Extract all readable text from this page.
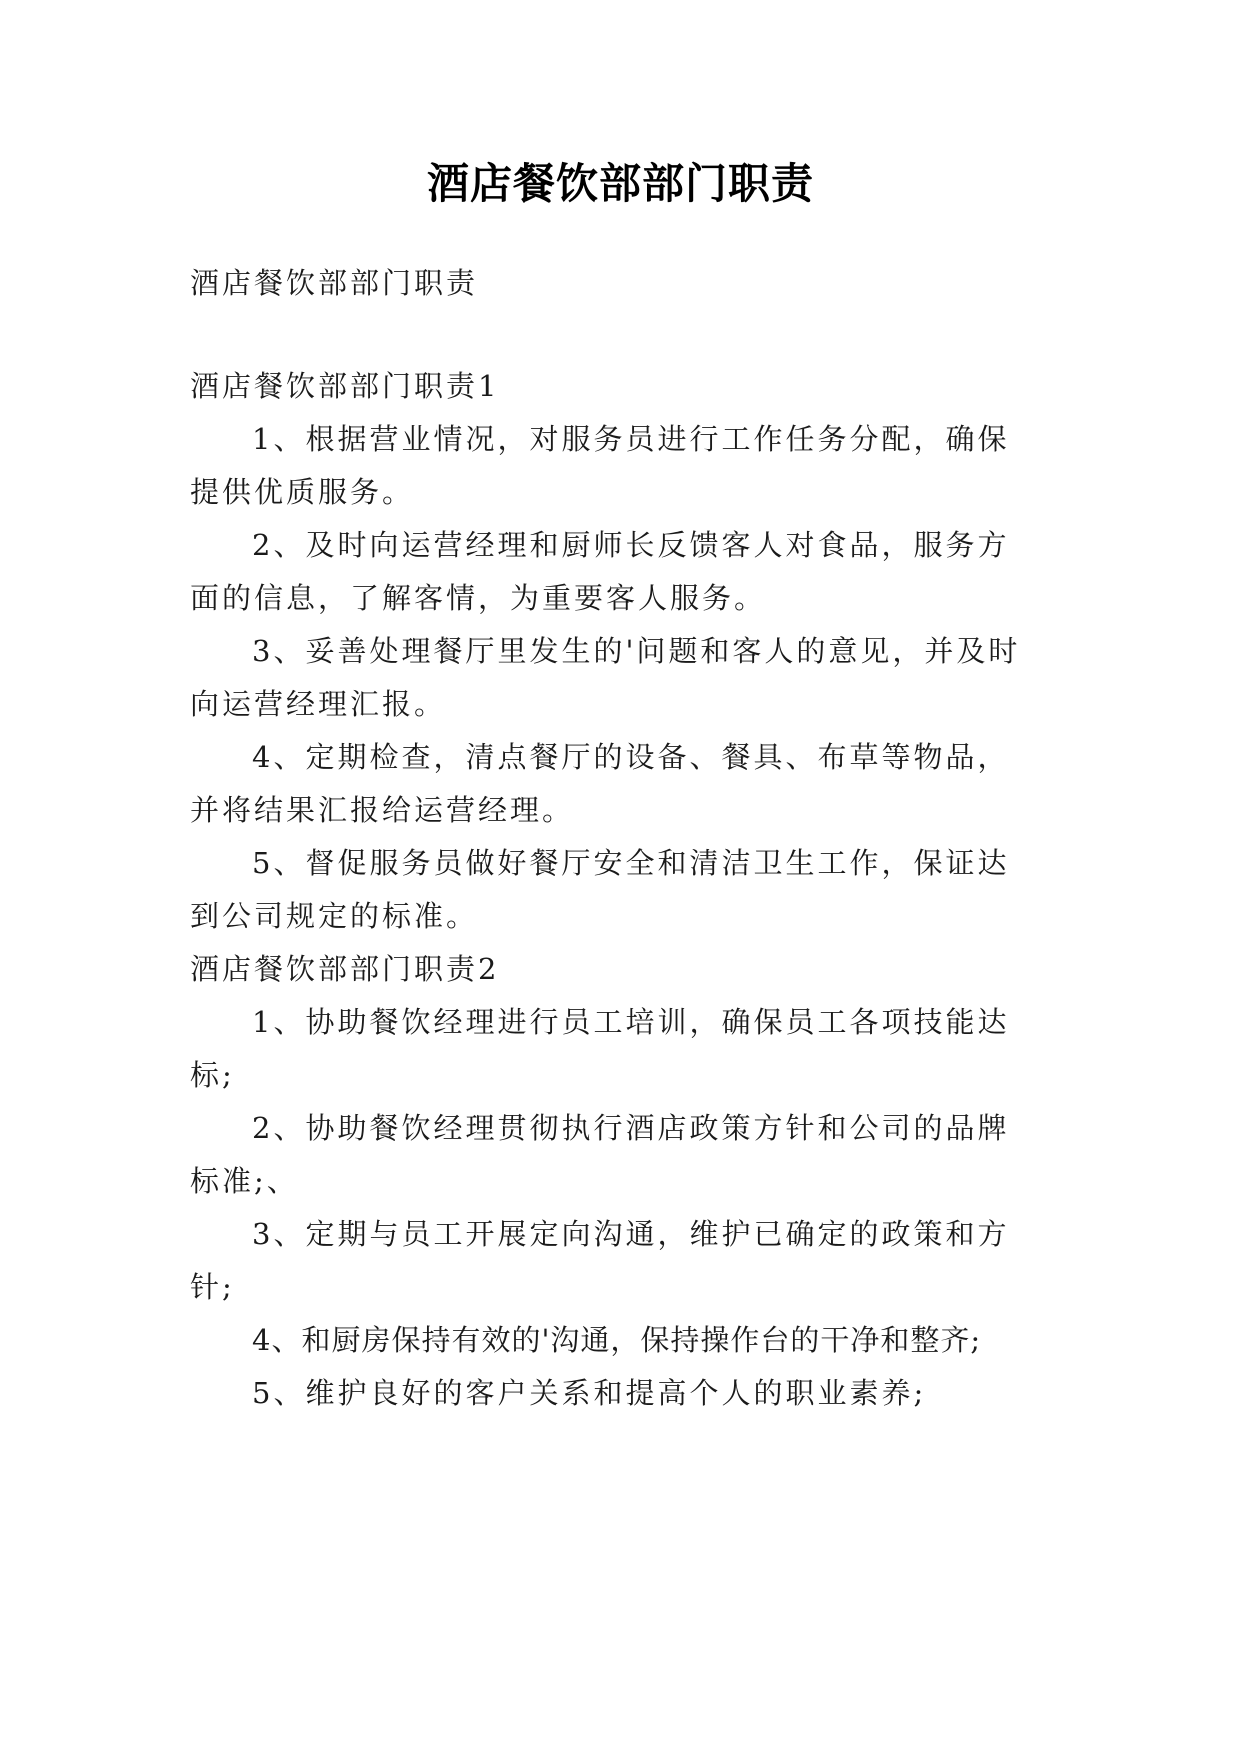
酒店餐饮部部门职责
酒店餐饮部部门职责
酒店餐饮部部门职责1
1、根据营业情况，对服务员进行工作任务分配，确保
提供优质服务。
2、及时向运营经理和厨师长反馈客人对食品，服务方
面的信息，了解客情，为重要客人服务。
3、妥善处理餐厅里发生的'问题和客人的意见，并及时
向运营经理汇报。
4、定期检查，清点餐厅的设备、餐具、布草等物品，
并将结果汇报给运营经理。
5、督促服务员做好餐厅安全和清洁卫生工作，保证达
到公司规定的标准。
酒店餐饮部部门职责2
1、协助餐饮经理进行员工培训，确保员工各项技能达
标;
2、协助餐饮经理贯彻执行酒店政策方针和公司的品牌
标准;、
3、定期与员工开展定向沟通，维护已确定的政策和方
针;
4、和厨房保持有效的'沟通，保持操作台的干净和整齐;
5、维护良好的客户关系和提高个人的职业素养;
